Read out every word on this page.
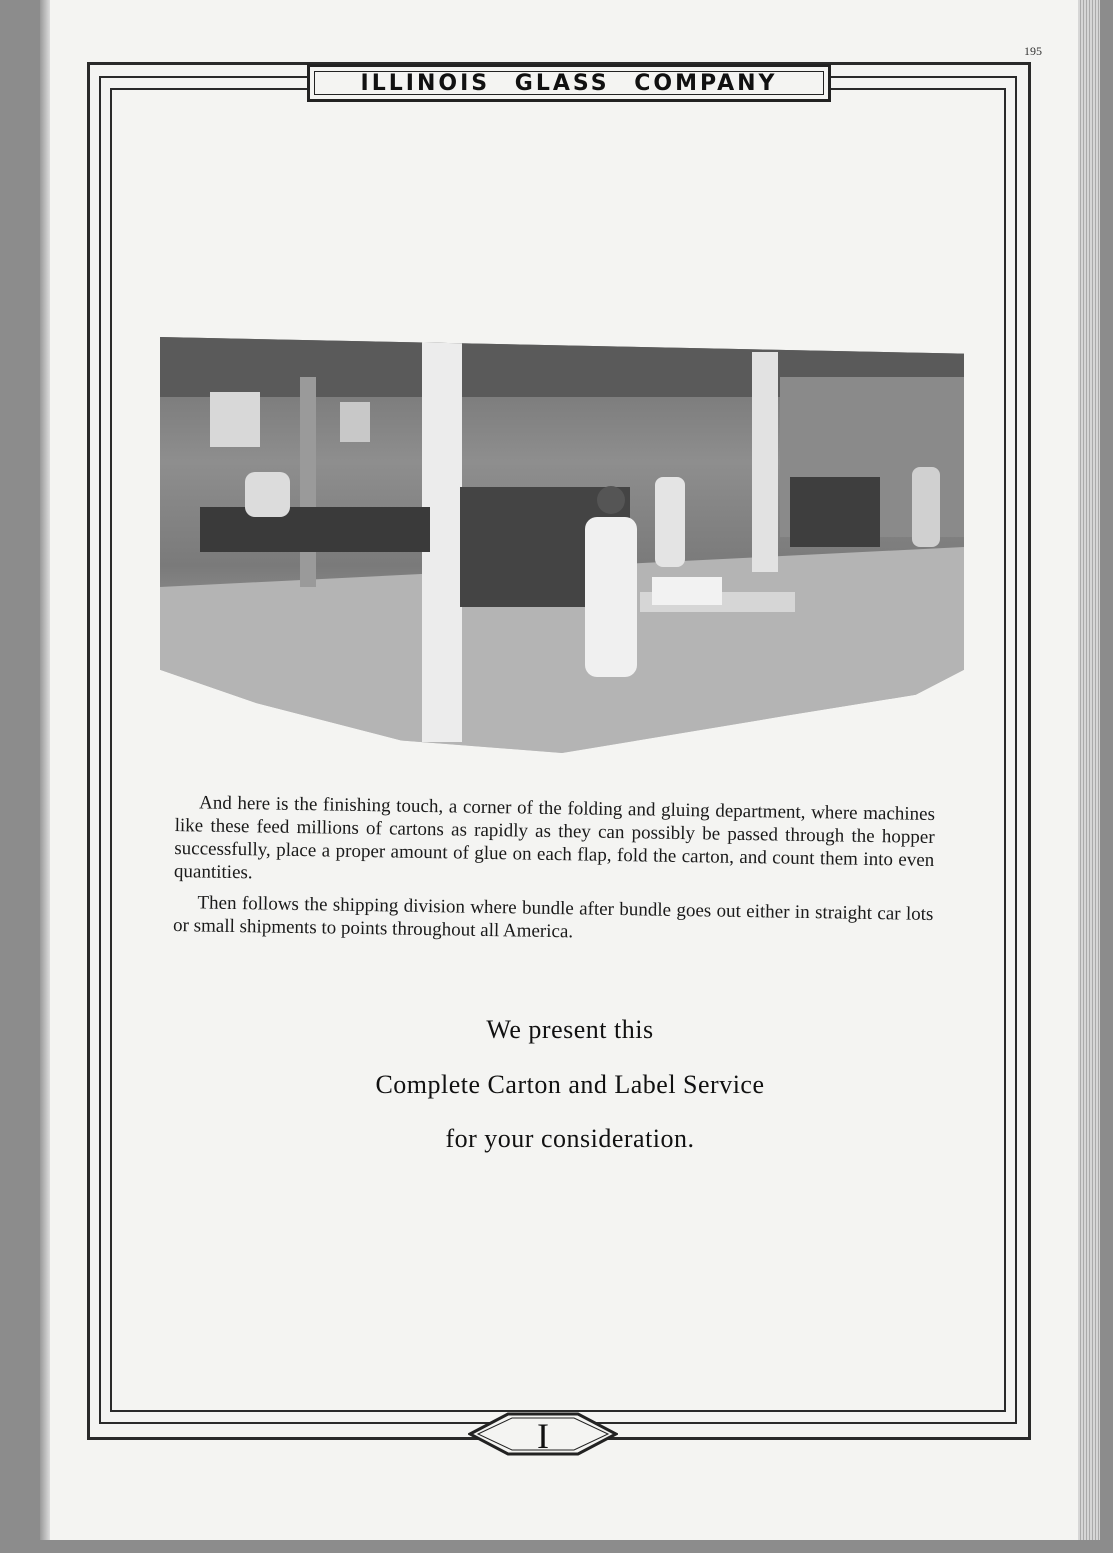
195
ILLINOIS GLASS COMPANY

And here is the finishing touch, a corner of the folding and gluing department, where machines like these feed millions of cartons as rapidly as they can possibly be passed through the hopper successfully, place a proper amount of glue on each flap, fold the carton, and count them into even quantities.

Then follows the shipping division where bundle after bundle goes out either in straight car lots or small shipments to points throughout all America.

We present this
Complete Carton and Label Service
for your consideration.
I
